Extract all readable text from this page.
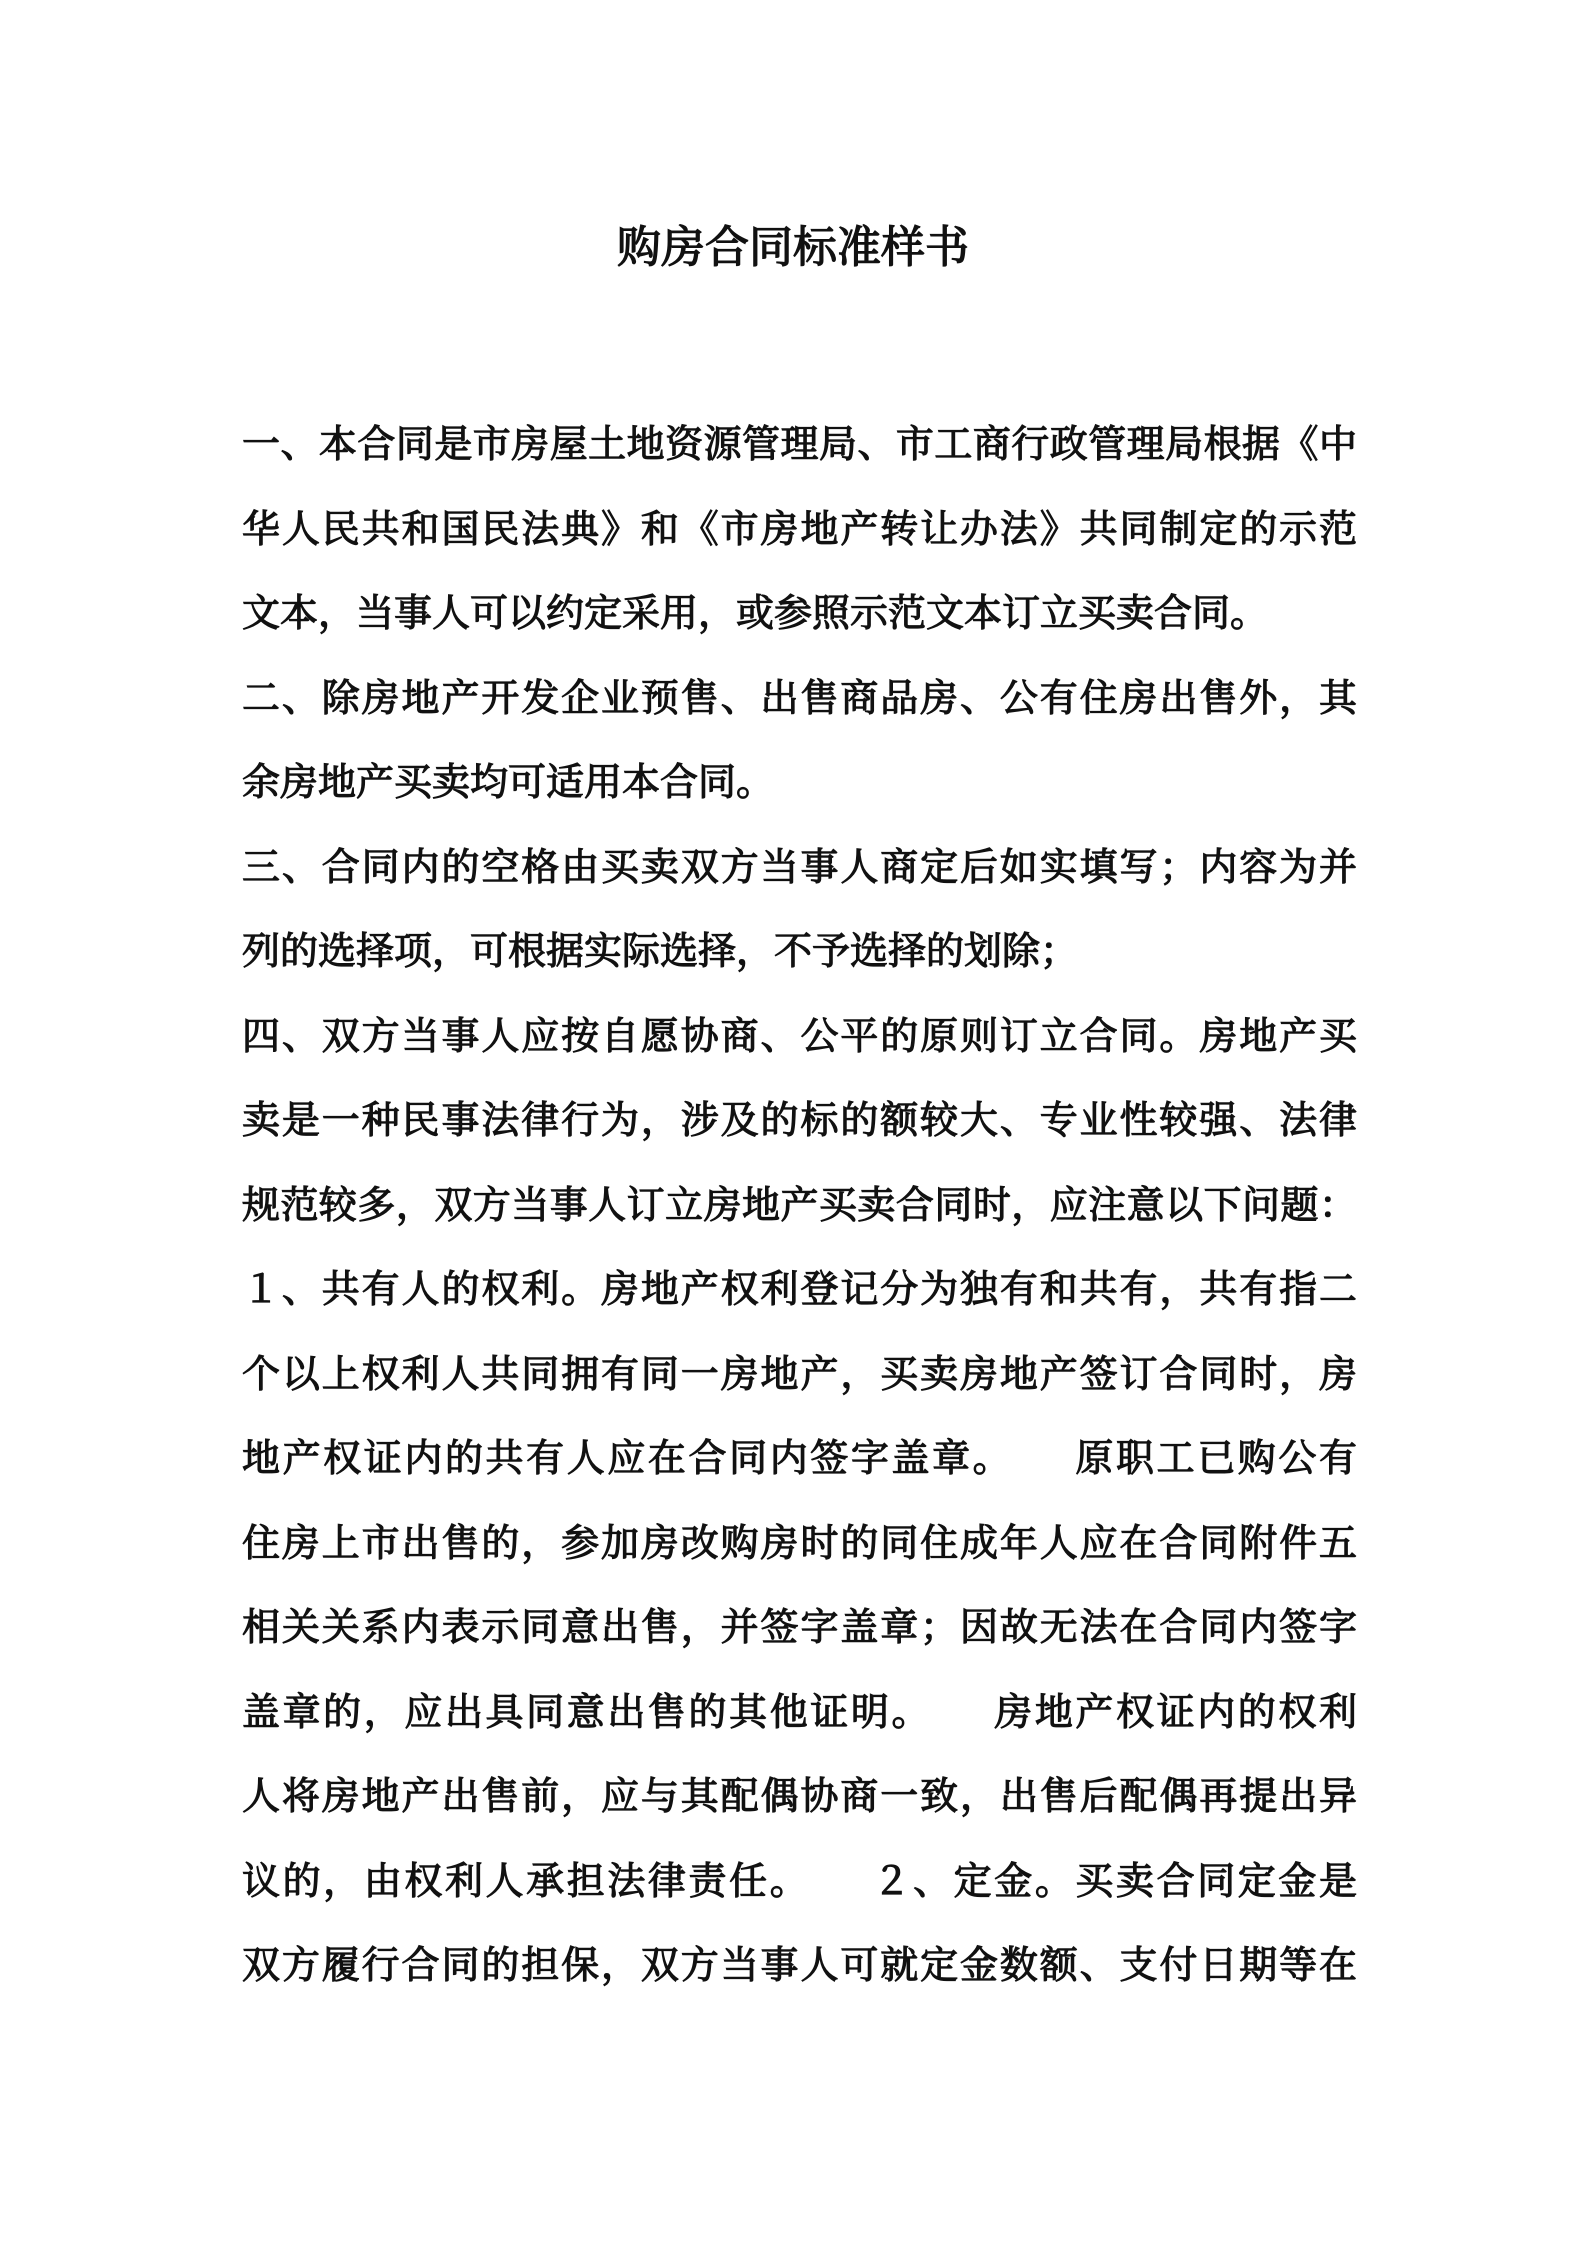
购房合同标准样书
一、本合同是市房屋土地资源管理局、市工商行政管理局根据《中
华人民共和国民法典》和《市房地产转让办法》共同制定的示范
文本，当事人可以约定采用，或参照示范文本订立买卖合同。
二、除房地产开发企业预售、出售商品房、公有住房出售外，其
余房地产买卖均可适用本合同。
三、合同内的空格由买卖双方当事人商定后如实填写；内容为并
列的选择项，可根据实际选择，不予选择的划除；
四、双方当事人应按自愿协商、公平的原则订立合同。房地产买
卖是一种民事法律行为，涉及的标的额较大、专业性较强、法律
规范较多，双方当事人订立房地产买卖合同时，应注意以下问题：
１、共有人的权利。房地产权利登记分为独有和共有，共有指二
个以上权利人共同拥有同一房地产，买卖房地产签订合同时，房
地产权证内的共有人应在合同内签字盖章。　　原职工已购公有
住房上市出售的，参加房改购房时的同住成年人应在合同附件五
相关关系内表示同意出售，并签字盖章；因故无法在合同内签字
盖章的，应出具同意出售的其他证明。　　房地产权证内的权利
人将房地产出售前，应与其配偶协商一致，出售后配偶再提出异
议的，由权利人承担法律责任。　　２、定金。买卖合同定金是
双方履行合同的担保，双方当事人可就定金数额、支付日期等在
